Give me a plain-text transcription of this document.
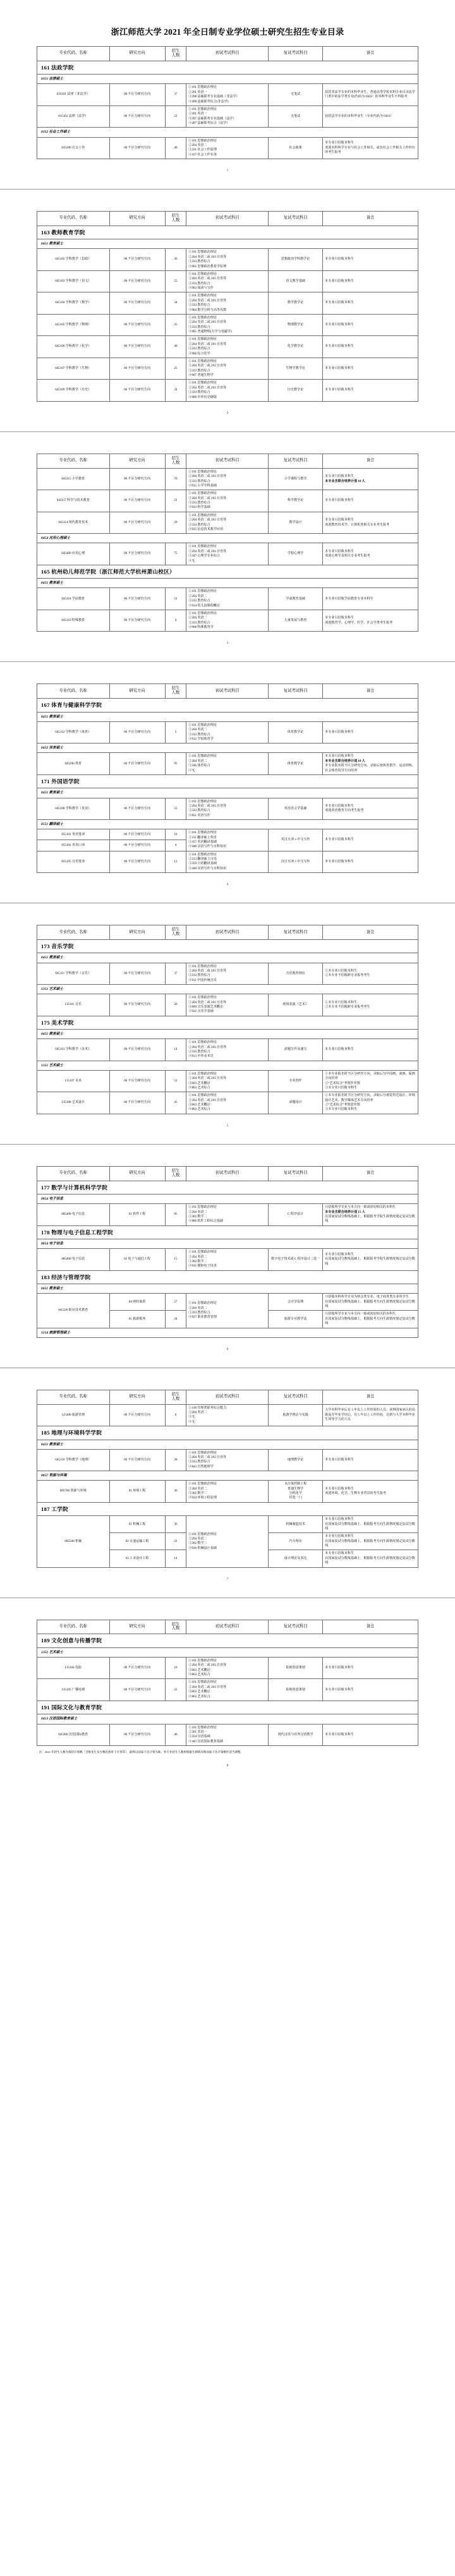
浙江师范大学 2021 年全日制专业学位硕士研究生招生专业目录
专业代码、名称	研究方向	招生
人数	初试考试科目	复试考试科目	备注
161 法政学院					
0351 法律硕士					
035101 法律（非法学）	00 不区分研究方向	37	①101 思想政治理论
②201 英语一
③398 法硕联考专业基础（非法学）
④498 法硕联考综合(非法学)	无笔试	仅招非法学专业的本科毕业生，普通高等学校本科专业目录法学门类中的法学类专业(代码为 0301）的本科毕业生不得报考

035102 法律（法学）	00 不区分研究方向	22	①101 思想政治理论
②201 英语一
③397 法硕联考专业基础（法学）
④497 法硕联考综合（法学）	无笔试	仅招法学专业的本科毕业生（专业代码为 0301）

0352 社会工作硕士					
035200 社会工作	00 不区分研究方向	40	①101 思想政治理论
②204 英语二
③331 社会工作原理
④437 社会工作实务	社会政策	本专业只招收本科生
欢迎本科所学专业与社会工作相关，或有社会工作相关工作经历的考生报考
1
专业代码、名称	研究方向	招生
人数	初试考试科目	复试考试科目	备注
163 教师教育学院					
0451 教育硕士					
045102 学科教学（思政）	00 不区分研究方向	30	①101 思想政治理论
②204 英语二或 203 日语等
③333 教育综合
④902 思想政治教育学原理	思想政治学科教学论	本专业只招收本科生

045103 学科教学（语文）	00 不区分研究方向	55	①101 思想政治理论
②204 英语二或 203 日语等
③333 教育综合
④903 阅读与写作	语文教学基础	本专业只招收本科生

045104 学科教学（数学）	00 不区分研究方向	34	①101 思想政治理论
②204 英语二或 203 日语等
③333 教育综合
④904 数学分析与高等代数	数学教学论	本专业只招收本科生

045105 学科教学（物理）	00 不区分研究方向	25	①101 思想政治理论
②204 英语二或 203 日语等
③333 教育综合
④905 普通物理(力学与电磁学)	物理教学论	本专业只招收本科生

045106 学科教学（化学）	00 不区分研究方向	40	①101 思想政治理论
②204 英语二或 203 日语等
③333 教育综合
④906 综合化学	化学教学论	本专业只招收本科生

045107 学科教学（生物）	00 不区分研究方向	25	①101 思想政治理论
②204 英语二或 203 日语等
③333 教育综合
④907 普通生物学	生物学教学论	本专业只招收本科生

045109 学科教学（历史）	00 不区分研究方向	24	①101 思想政治理论
②204 英语二或 203 日语等
③333 教育综合
④909 中外历史纲要	历史教学论	本专业只招收本科生
2
专业代码、名称	研究方向	招生
人数	初试考试科目	复试考试科目	备注
045115 小学教育	00 不区分研究方向	70	①101 思想政治理论
②204 英语二或 203 日语等
③333 教育综合
④915 小学学科基础	小学课程与教学	本专业只招收本科生
本专业含联合培养计划 10 人

045117 科学与技术教育	00 不区分研究方向	21	①101 思想政治理论
②204 英语二或 203 日语等
③333 教育综合
④933 科学基础	科学教学论	本专业只招收本科生

045114 现代教育技术	00 不区分研究方向	29	①101 思想政治理论
②204 英语二或 203 日语等
③333 教育综合
④925 信息技术教学应用	教学设计	本专业只招收本科生
欢迎教育技术学、计算机类相关专业考生报考

0454 应用心理硕士					
045400 应用心理	00 不区分研究方向	75	①101 思想政治理论
②204 英语二或 203 日语等
③347 心理学专业综合
④无	学校心理学	本专业只招收本科生
欢迎心理学及相关专业考生报考

165 杭州幼儿师范学院（浙江师范大学杭州萧山校区）					
0451 教育硕士					
045118 学前教育	00 不区分研究方向	51	①101 思想政治理论
②204 英语二
③333 教育综合
④934 幼儿园课程概论	学前教育基础	本专业只招收学前教育专业本科生

045119 特殊教育	00 不区分研究方向	4	①101 思想政治理论
②204 英语二
③333 教育综合
④908 特殊教育学	儿童发展与教育	本专业只招收本科生
欢迎教育学、心理学、医学、社会学类考生报考
3
专业代码、名称	研究方向	招生
人数	初试考试科目	复试考试科目	备注
167 体育与健康科学学院					
0451 教育硕士					
045112 学科教学（体育）	00 不区分研究方向	5	①101 思想政治理论
②204 英语二
③333 教育综合
④912 学校体育学	体育教学论	本专业只招收本科生

0452 体育硕士					
045200 体育	00 不区分研究方向	95	①101 思想政治理论
②204 英语二
③346 体育综合
④无	体育教学论	本专业只招收本科生
本专业含联合培养计划 10 人
本专业报名时不区分研究方向，录取后按体育教学、运动训练、社会体育指导方向培养

171 外国语学院					
0451 教育硕士					
045108 学科教学（英语）	00 不区分研究方向	55	①101 思想政治理论
②204 英语二或 203 日语等
③333 教育综合
④851 英语写作	英语语言学基础	本专业只招收本科生
欢迎英语教育方向考生报考

0551 翻译硕士					
055101 英语笔译	00 不区分研究方向	16	①101 思想政治理论
②211 翻译硕士英语
③357 英语翻译基础
④448 汉语写作与百科知识	英汉互译＋中文写作	本专业只招收本科生

055102 英语口译	00 不区分研究方向	4			
055105 日语笔译	00 不区分研究方向	12	①101 思想政治理论
②213 翻译硕士日语
③359 日语翻译基础
④448 汉语写作与百科知识	汉日互译＋中文写作	本专业只招收本科生
4
专业代码、名称	研究方向	招生
人数	初试考试科目	复试考试科目	备注
173 音乐学院					
0451 教育硕士					
045111 学科教学（音乐）	00 不区分研究方向	37	①101 思想政治理论
②204 英语二或 203 日语等
③333 教育综合
④911 中国传统音乐	音乐教育理论	①本专业只招收本科生
②本专业不招收跨专业报考考生

1351 艺术硕士					
135101 音乐	00 不区分研究方向	26	①101 思想政治理论
②204 英语二或 203 日语等
③689 音乐表演艺术概论
④922 音乐学基础	现场表演（艺术）	①本专业只招收本科生
②本专业不招收跨专业报考考生

175 美术学院					
0451 教育硕士					
045113 学科教学（美术）	00 不区分研究方向	14	①101 思想政治理论
②204 英语二或 203 日语等
③333 教育综合
④913 中外美术史	命题写作及速写	本专业只招收本科生

1351 艺术硕士					
135107 美术	00 不区分研究方向	52	①101 思想政治理论
②204 英语二或 203 日语等
③663 艺术概论
④863 艺术综合	专业创作	①本专业报名时不区分研究方向，录取后分中国画、油画、版画方向培养
②“艺术综合”考创作草图
③本专业只招收本科生

135108 艺术设计	00 不区分研究方向	45	①101 思想政治理论
②204 英语二或 203 日语等
③663 艺术概论
④863 艺术综合	命题设计	①本专业报名时不区分研究方向，录取后分视觉传达设计、环境设计艺术、数字媒体艺术方向培养
②“艺术综合”考创意草图
③本专业只招收本科生
5
专业代码、名称	研究方向	招生
人数	初试考试科目	复试考试科目	备注
177 数学与计算机科学学院					
0854 电子信息					
085400 电子信息	01 软件工程	85	①101 思想政治理论
②204 英语二
③302 数学二
④886 软件工程综合基础	C 程序设计	只招收所学专业与本方向一致或密切相关的本科生
本专业含联合培养计划 15 人
在国家复试分数线基础上，根据报考学院生源情况划定复试分数线

178 物理与电子信息工程学院					
0854 电子信息					
085400 电子信息	02 电子与通信工程	15	①101 思想政治理论
②204 英语二
③302 数学二
④935 模拟电子技术	数字电子技术或 C 程序设计二选一	本专业只招收本科生
在国家复试分数线基础上，根据报考学院生源情况划定复试分数线

183 经济与管理学院					
0451 教育硕士					
045120 职业技术教育	04 财经商贸	27	①101 思想政治理论
②204 英语二
③333 教育综合
④927 职业教育管理	会计学原理	只招收本科所学专业为财会类专业、电子商务类专业的学生
在国家复试分数线基础上，根据报考方向生源情况划定复试分数线

	05 旅游服务	24		旅游专业教学法	只招收所学专业与本方向一致或密切相关的本科生
在国家复试分数线基础上，根据报考方向生源情况划定复试分数线

1254 旅游管理硕士					
6
专业代码、名称	研究方向	招生
人数	初试考试科目	复试考试科目	备注
125400 旅游管理	00 不区分研究方向	6	①199 管理类联考综合能力
②204 英语二
③无
④无	旅游学理论与实践	大学本科毕业后有 3 年以上工作经验的人员；获得国家承认的高职高专毕业学历后，有 5 年以上工作经验，达到与大学本科毕业生同等学力的人员

185 地理与环境科学学院					
0451 教育硕士					
045110 学科教学（地理）	00 不区分研究方向	28	①101 思想政治理论
②204 英语二或 203 日语等
③333 教育综合
④843 自然地理学	地理教学论	本专业只招收本科生

0857 资源与环境					
085700 资源与环境	01 环境工程	36	①101 思想政治理论
②204 英语二
③302 数学二
④924 环境工程原理	水污染控制工程
普通生物学
分析化学
任选一门	本专业只招收本科生
欢迎环境、化学、生物专业背景的考生报考

187 工学院					
085500 机械	01 机械工程	36	①101 思想政治理论
②204 英语二
③302 数学二
④930 机械设计基础	机械制造技术	本专业只招收本科生
在国家复试分数线基础上，根据报考方向生源情况划定复试分数线

	02 交通运输工程	21		汽车理论	本专业只招收本科生
在国家复试分数线基础上，根据报考方向生源情况划定复试分数线

	03 工业设计工程	14		设计理论及表达	本专业只招收本科生
在国家复试分数线基础上，根据报考方向生源情况划定复试分数线
7
专业代码、名称	研究方向	招生
人数	初试考试科目	复试考试科目	备注
189 文化创意与传播学院					
1351 艺术硕士					
135104 电影	00 不区分研究方向	18	①101 思想政治理论
②204 英语二或 203 日语等
③663 艺术概论
④863 艺术综合	影视创意策划	本专业只招收本科生

135105 广播电视	00 不区分研究方向	22	①101 思想政治理论
②204 英语二或 203 日语等
③663 艺术概论
④863 艺术综合	影视创意策划	本专业只招收本科生

191 国际文化与教育学院					
0453 汉语国际教育硕士					
045300 汉语国际教育	00 不区分研究方向	46	①101 思想政治理论
②201 英语一
③354 汉语基础
④445 汉语国际教育基础	现代汉语与对外汉语教学	本专业只招收本科生
注：2021 年招生人数为拟招计划数（含推免生及少数民族骨干计划等），最终以国家下达计划为准。各专业招生人数将根据生源情况和国家下达计划数作适当调整。
8
